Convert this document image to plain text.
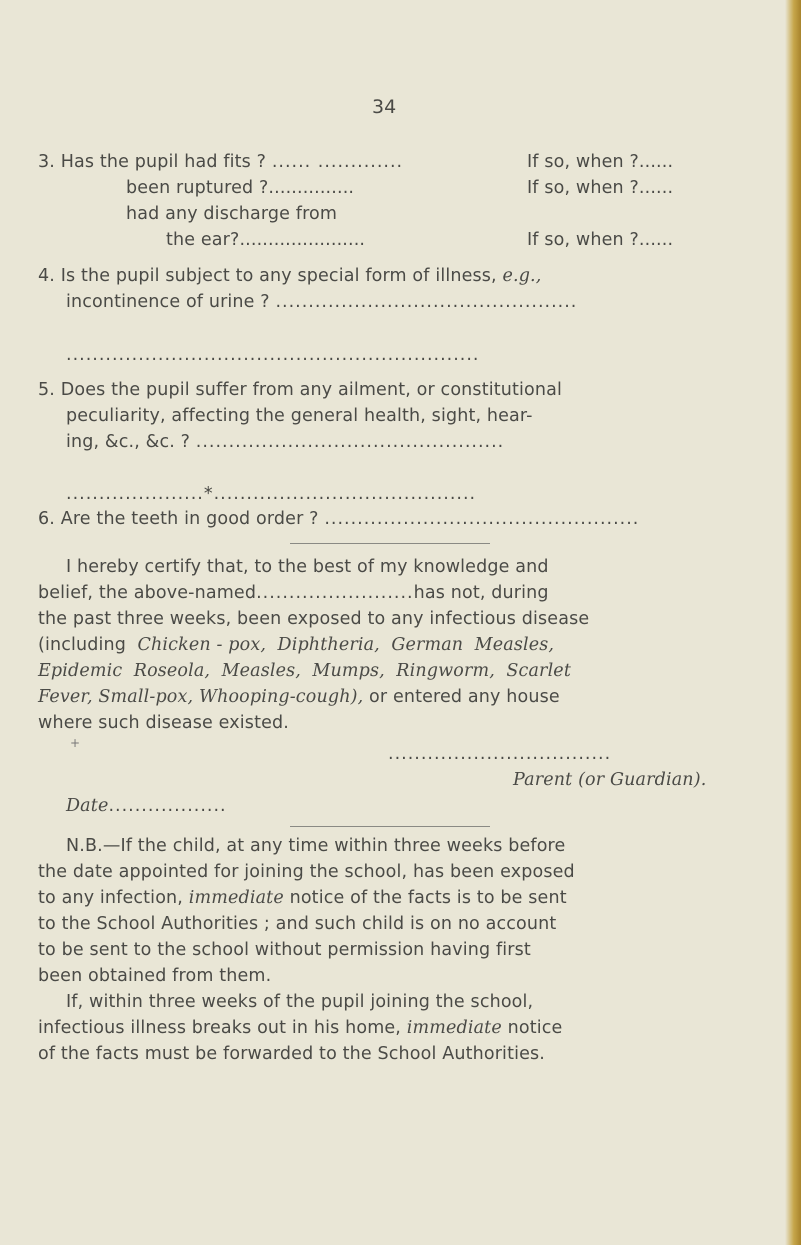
34
3. Has the pupil had fits ? ...... .............	If so, when ?......
been ruptured ?...............	If so, when ?......
had any discharge from
the ear?......................	If so, when ?......
4. Is the pupil subject to any special form of illness, e.g.,
incontinence of urine ? ..............................................
...............................................................
5. Does the pupil suffer from any ailment, or constitutional
peculiarity, affecting the general health, sight, hear-
ing, &c., &c. ? ...............................................
.....................*........................................
6. Are the teeth in good order ? ................................................
I hereby certify that, to the best of my knowledge and
belief, the above-named........................has not, during
the past three weeks, been exposed to any infectious disease
(including Chicken - pox, Diphtheria, German Measles,
Epidemic Roseola, Measles, Mumps, Ringworm, Scarlet
Fever, Small-pox, Whooping-cough), or entered any house
where such disease existed.
+
..................................
Parent (or Guardian).
Date..................
N.B.—If the child, at any time within three weeks before
the date appointed for joining the school, has been exposed
to any infection, immediate notice of the facts is to be sent
to the School Authorities ; and such child is on no account
to be sent to the school without permission having first
been obtained from them.
If, within three weeks of the pupil joining the school,
infectious illness breaks out in his home, immediate notice
of the facts must be forwarded to the School Authorities.
